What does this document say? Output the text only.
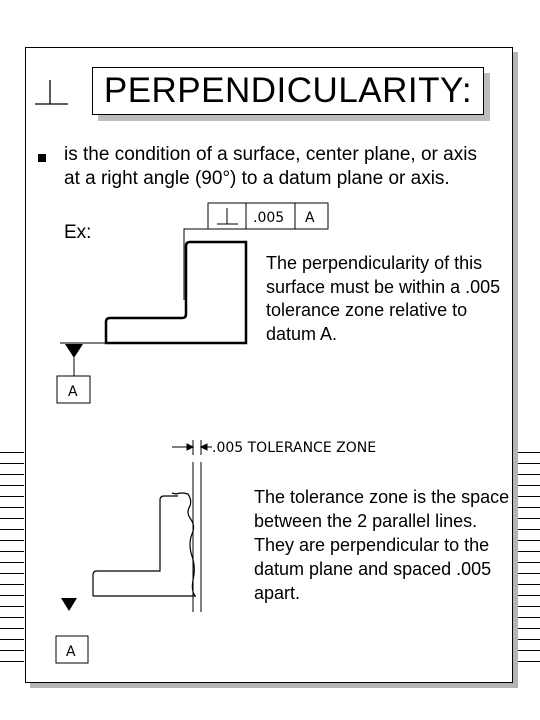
PERPENDICULARITY:
is the condition of a surface, center plane, or axis at a right angle (90°) to a datum plane or axis.
Ex:
The perpendicularity of this surface must be within a .005 tolerance zone relative to datum A.
The tolerance zone is the space between the 2 parallel lines. They are perpendicular to the datum plane and spaced .005 apart.
.005 A
A
.005 TOLERANCE ZONE
A
